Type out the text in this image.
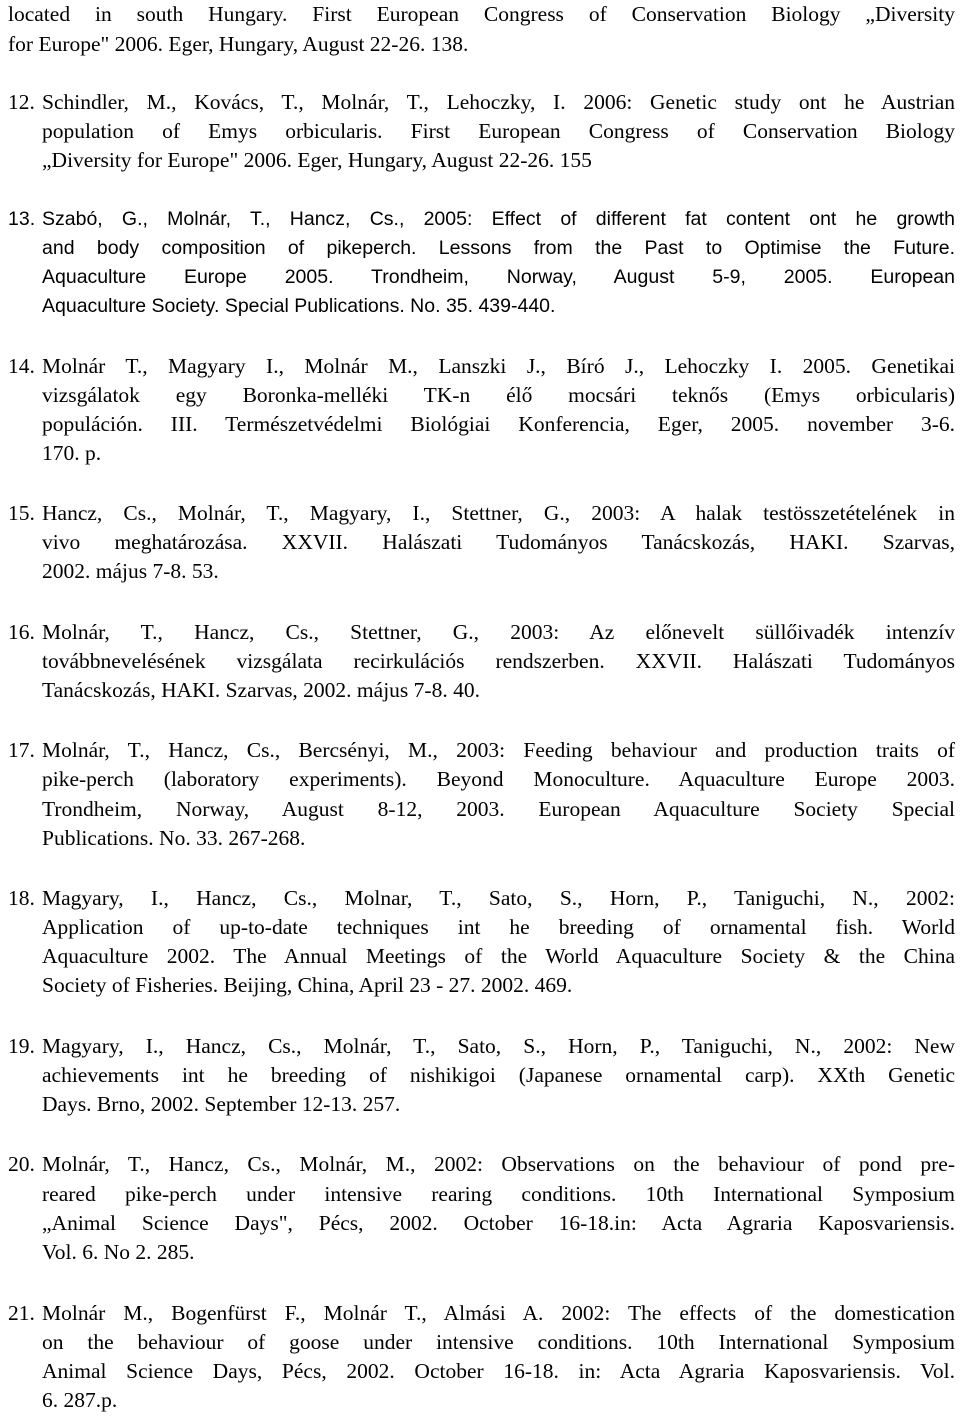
located in south Hungary. First European Congress of Conservation Biology „Diversity
for Europe" 2006. Eger, Hungary, August 22-26. 138.
12. Schindler, M., Kovács, T., Molnár, T., Lehoczky, I. 2006: Genetic study ont he Austrian
population of Emys orbicularis. First European Congress of Conservation Biology
„Diversity for Europe" 2006. Eger, Hungary, August 22-26. 155
13. Szabó, G., Molnár, T., Hancz, Cs., 2005: Effect of different fat content ont he growth
and body composition of pikeperch. Lessons from the Past to Optimise the Future.
Aquaculture Europe 2005. Trondheim, Norway, August 5-9, 2005. European
Aquaculture Society. Special Publications. No. 35. 439-440.
14. Molnár T., Magyary I., Molnár M., Lanszki J., Bíró J., Lehoczky I. 2005. Genetikai
vizsgálatok egy Boronka-melléki TK-n élő mocsári teknős (Emys orbicularis)
populáción. III. Természetvédelmi Biológiai Konferencia, Eger, 2005. november 3-6.
170. p.
15. Hancz, Cs., Molnár, T., Magyary, I., Stettner, G., 2003: A halak testösszetételének in
vivo meghatározása. XXVII. Halászati Tudományos Tanácskozás, HAKI. Szarvas,
2002. május 7-8. 53.
16. Molnár, T., Hancz, Cs., Stettner, G., 2003: Az előnevelt süllőivadék intenzív
továbbnevelésének vizsgálata recirkulációs rendszerben. XXVII. Halászati Tudományos
Tanácskozás, HAKI. Szarvas, 2002. május 7-8. 40.
17. Molnár, T., Hancz, Cs., Bercsényi, M., 2003: Feeding behaviour and production traits of
pike-perch (laboratory experiments). Beyond Monoculture. Aquaculture Europe 2003.
Trondheim, Norway, August 8-12, 2003. European Aquaculture Society Special
Publications. No. 33. 267-268.
18. Magyary, I., Hancz, Cs., Molnar, T., Sato, S., Horn, P., Taniguchi, N., 2002:
Application of up-to-date techniques int he breeding of ornamental fish. World
Aquaculture 2002. The Annual Meetings of the World Aquaculture Society & the China
Society of Fisheries. Beijing, China, April 23 - 27. 2002. 469.
19. Magyary, I., Hancz, Cs., Molnár, T., Sato, S., Horn, P., Taniguchi, N., 2002: New
achievements int he breeding of nishikigoi (Japanese ornamental carp). XXth Genetic
Days. Brno, 2002. September 12-13. 257.
20. Molnár, T., Hancz, Cs., Molnár, M., 2002: Observations on the behaviour of pond pre-
reared pike-perch under intensive rearing conditions. 10th International Symposium
„Animal Science Days", Pécs, 2002. October 16-18.in: Acta Agraria Kaposvariensis.
Vol. 6. No 2. 285.
21. Molnár M., Bogenfürst F., Molnár T., Almási A. 2002: The effects of the domestication
on the behaviour of goose under intensive conditions. 10th International Symposium
Animal Science Days, Pécs, 2002. October 16-18. in: Acta Agraria Kaposvariensis. Vol.
6. 287.p.
